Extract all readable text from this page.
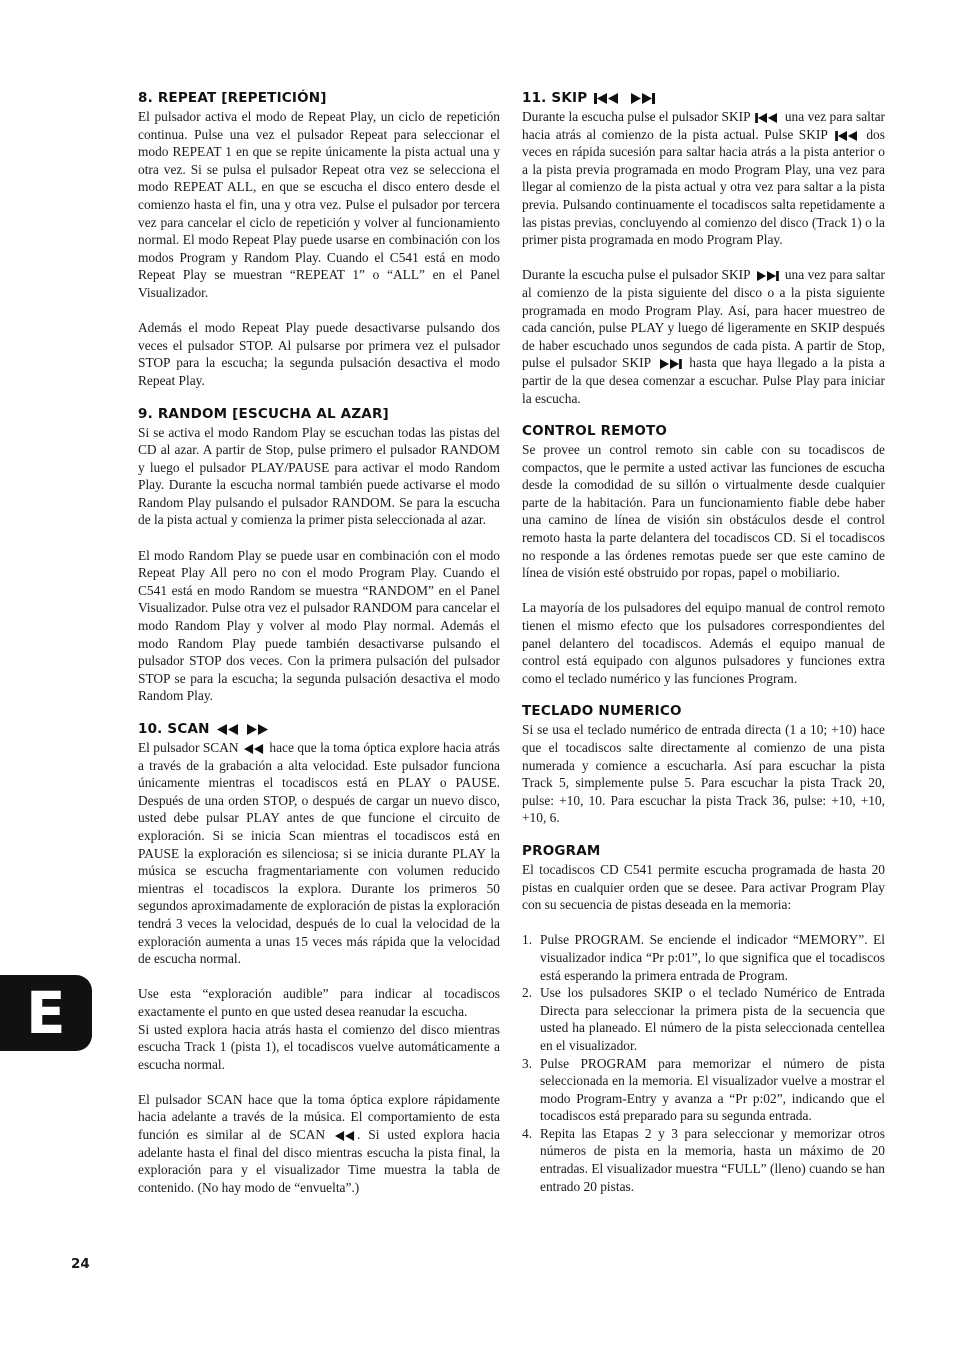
8. REPEAT [REPETICIÓN]

El pulsador activa el modo de Repeat Play, un ciclo de repetición continua. Pulse una vez el pulsador Repeat para seleccionar el modo REPEAT 1 en que se repite únicamente la pista actual una y otra vez. Si se pulsa el pulsador Repeat otra vez se selecciona el modo REPEAT ALL, en que se escucha el disco entero desde el comienzo hasta el fin, una y otra vez. Pulse el pulsador por tercera vez para cancelar el ciclo de repetición y volver al funcionamiento normal. El modo Repeat Play puede usarse en combinación con los modos Program y Random Play. Cuando el C541 está en modo Repeat Play se muestran “REPEAT 1” o “ALL” en el Panel Visualizador.

Además el modo Repeat Play puede desactivarse pulsando dos veces el pulsador STOP. Al pulsarse por primera vez el pulsador STOP para la escucha; la segunda pulsación desactiva el modo Repeat Play.

9. RANDOM [ESCUCHA AL AZAR]

Si se activa el modo Random Play se escuchan todas las pistas del CD al azar. A partir de Stop, pulse primero el pulsador RANDOM y luego el pulsador PLAY/PAUSE para activar el modo Random Play. Durante la escucha normal también puede activarse el modo Random Play pulsando el pulsador RANDOM. Se para la escucha de la pista actual y comienza la primer pista seleccionada al azar.

El modo Random Play se puede usar en combinación con el modo Repeat Play All pero no con el modo Program Play. Cuando el C541 está en modo Random se muestra “RANDOM” en el Panel Visualizador. Pulse otra vez el pulsador RANDOM para cancelar el modo Random Play y volver al modo Play normal. Además el modo Random Play puede también desactivarse pulsando el pulsador STOP dos veces. Con la primera pulsación del pulsador STOP se para la escucha; la segunda pulsación desactiva el modo Random Play.

10. SCAN

El pulsador SCAN hace que la toma óptica explore hacia atrás a través de la grabación a alta velocidad. Este pulsador funciona únicamente mientras el tocadiscos está en PLAY o PAUSE. Después de una orden STOP, o después de cargar un nuevo disco, usted debe pulsar PLAY antes de que funcione el circuito de exploración. Si se inicia Scan mientras el tocadiscos está en PAUSE la exploración es silenciosa; si se inicia durante PLAY la música se escucha fragmentariamente con volumen reducido mientras el tocadiscos la explora. Durante los primeros 50 segundos aproximadamente de exploración de pistas la exploración tendrá 3 veces la velocidad, después de lo cual la velocidad de la exploración aumenta a unas 15 veces más rápida que la velocidad de escucha normal.

Use esta “exploración audible” para indicar al tocadiscos exactamente el punto en que usted desea reanudar la escucha.

Si usted explora hacia atrás hasta el comienzo del disco mientras escucha Track 1 (pista 1), el tocadiscos vuelve automáticamente a escucha normal.

El pulsador SCAN hace que la toma óptica explore rápidamente hacia adelante a través de la música. El comportamiento de esta función es similar al de SCAN . Si usted explora hacia adelante hasta el final del disco mientras escucha la pista final, la exploración para y el visualizador Time muestra la tabla de contenido. (No hay modo de “envuelta”.)

11. SKIP

Durante la escucha pulse el pulsador SKIP	una vez para saltar hacia atrás al comienzo de la pista actual. Pulse SKIP	dos veces en rápida sucesión para saltar hacia atrás a la pista anterior o a la pista previa programada en modo Program Play, una vez para llegar al comienzo de la pista actual y otra vez para saltar a la pista previa. Pulsando continuamente el tocadiscos salta repetidamente a las pistas previas, concluyendo al comienzo del disco (Track 1) o la primer pista programada en modo Program Play.

Durante la escucha pulse el pulsador SKIP	una vez para saltar al comienzo de la pista siguiente del disco o a la pista siguiente programada en modo Program Play. Así, para hacer muestreo de cada canción, pulse PLAY y luego dé ligeramente en SKIP después de haber escuchado unos segundos de cada pista. A partir de Stop, pulse el pulsador SKIP	hasta que haya llegado a la pista a partir de la que desea comenzar a escuchar. Pulse Play para iniciar la escucha.

CONTROL REMOTO

Se provee un control remoto sin cable con su tocadiscos de compactos, que le permite a usted activar las funciones de escucha desde la comodidad de su sillón o virtualmente desde cualquier parte de la habitación. Para un funcionamiento fiable debe haber una camino de línea de visión sin obstáculos desde el control remoto hasta la parte delantera del tocadiscos CD. Si el tocadiscos no responde a las órdenes remotas puede ser que este camino de línea de visión esté obstruido por ropas, papel o mobiliario.

La mayoría de los pulsadores del equipo manual de control remoto tienen el mismo efecto que los pulsadores correspondientes del panel delantero del tocadiscos. Además el equipo manual de control está equipado con algunos pulsadores y funciones extra como el teclado numérico y las funciones Program.

TECLADO NUMERICO

Si se usa el teclado numérico de entrada directa (1 a 10; +10) hace que el tocadiscos salte directamente al comienzo de una pista numerada y comience a escucharla. Así para escuchar la pista Track 5, simplemente pulse 5. Para escuchar la pista Track 20, pulse: +10, 10. Para escuchar la pista Track 36, pulse: +10, +10, +10, 6.

PROGRAM

El tocadiscos CD C541 permite escucha programada de hasta 20 pistas en cualquier orden que se desee. Para activar Program Play con su secuencia de pistas deseada en la memoria:

1. Pulse PROGRAM. Se enciende el indicador “MEMORY”. El visualizador indica “Pr p:01”, lo que significa que el tocadiscos está esperando la primera entrada de Program.
2. Use los pulsadores SKIP o el teclado Numérico de Entrada Directa para seleccionar la primera pista de la secuencia que usted ha planeado. El número de la pista seleccionada centellea en el visualizador.
3. Pulse PROGRAM para memorizar el número de pista seleccionada en la memoria. El visualizador vuelve a mostrar el modo Program-Entry y avanza a “Pr p:02”, indicando que el tocadiscos está preparado para su segunda entrada.
4. Repita las Etapas 2 y 3 para seleccionar y memorizar otros números de pista en la memoria, hasta un máximo de 20 entradas. El visualizador muestra “FULL” (lleno) cuando se han entrado 20 pistas.
E
24
